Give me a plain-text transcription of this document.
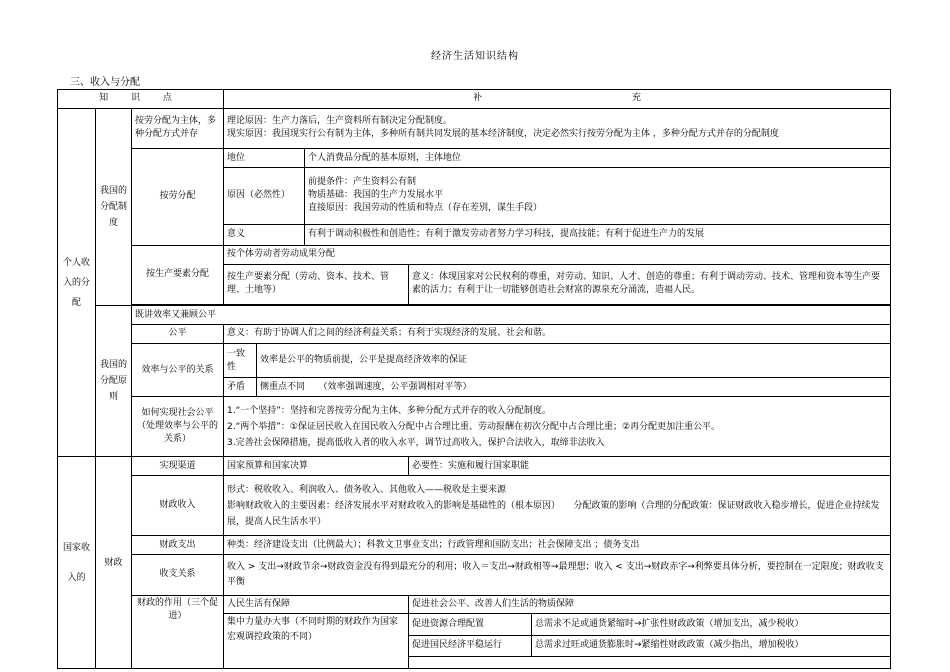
经济生活知识结构
三、收入与分配
知 识 点			补 充				
个人收入的分配	我国的分配制度	按劳分配为主体，多种分配方式并存	理论原因：生产力落后，生产资料所有制决定分配制度。
现实原因：我国现实行公有制为主体，多种所有制共同发展的基本经济制度，决定必然实行按劳分配为主体 ，多种分配方式并存的分配制度				
		按劳分配	地位		个人消费品分配的基本原则，主体地位		
			原因（必然性）		前提条件：产生资料公有制
物质基础：我国的生产力发展水平
直接原因：我国劳动的性质和特点（存在差别，谋生手段）		
			意义		有利于调动积极性和创造性；有利于激发劳动者努力学习科技，提高技能；有利于促进生产力的发展		
		按生产要素分配	按个体劳动者劳动成果分配				
			按生产要素分配（劳动、资本、技术、管理、土地等）			意义：体现国家对公民权利的尊重，对劳动、知识、人才、创造的尊重；有利于调动劳动、技术、管理和资本等生产要素的活力；有利于让一切能够创造社会财富的源泉充分涌流，造福人民。	

	我国的分配原则	既讲效率又兼顾公平					
		公平	意义：有助于协调人们之间的经济利益关系；有利于实现经济的发展、社会和谐。				
		效率与公平的关系	一致性	效率是公平的物质前提，公平是提高经济效率的保证			
			矛盾	侧重点不同　　（效率强调速度，公平强调相对平等）			
		如何实现社会公平（处理效率与公平的关系）	1.“一个坚持”：坚持和完善按劳分配为主体、多种分配方式并存的收入分配制度。
2.“两个举措”：①保证居民收入在国民收入分配中占合理比重、劳动报酬在初次分配中占合理比重；②再分配更加注重公平。
3.完善社会保障措施，提高低收入者的收入水平，调节过高收入，保护合法收入，取缔非法收入				

国家收入的	财政	实现渠道	国家预算和国家决算			必要性：实施和履行国家职能	
		财政收入	形式：税收收入、利润收入、债务收入、其他收入——税收是主要来源
影响财政收入的主要因素：经济发展水平对财政收入的影响是基础性的（根本原因）　　分配政策的影响（合理的分配政策：保证财政收入稳步增长，促进企业持续发展，提高人民生活水平）				

		财政支出	种类：经济建设支出（比例最大）；科教文卫事业支出；行政管理和国防支出；社会保障支出 ；债务支出				
		收支关系	收入 > 支出→财政节余→财政资金没有得到最充分的利用；收入＝支出→财政相等→最理想；收入 < 支出→财政赤字→利弊要具体分析，要控制在一定限度；财政收支平衡				
		财政的作用（三个促进）	人民生活有保障			促进社会公平、改善人们生活的物质保障	
			集中力量办大事（不同时期的财政作为国家宏观调控政策的不同）			促进资源合理配置	总需求不足或通货紧缩时→扩张性财政政策（增加支出，减少税收）
						促进国民经济平稳运行	总需求过旺或通货膨胀时→紧缩性财政政策（减少指出，增加税收）
